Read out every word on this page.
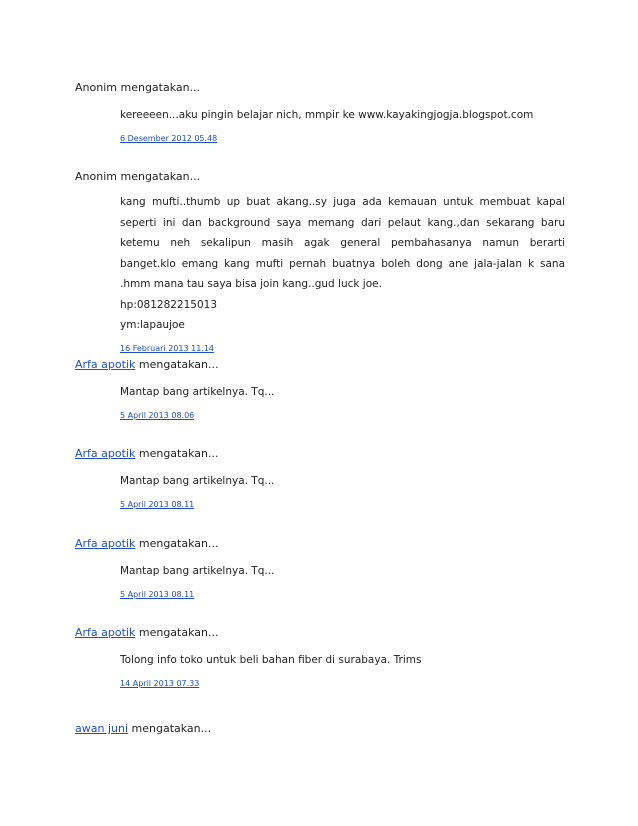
Anonim mengatakan...
kereeeen...aku pingin belajar nich, mmpir ke www.kayakingjogja.blogspot.com
6 Desember 2012 05.48
Anonim mengatakan...
kang mufti..thumb up buat akang..sy juga ada kemauan untuk membuat kapal seperti ini dan background saya memang dari pelaut kang.,dan sekarang baru ketemu neh sekalipun masih agak general pembahasanya namun berarti banget.klo emang kang mufti pernah buatnya boleh dong ane jala-jalan k sana .hmm mana tau saya bisa join kang..gud luck joe.
hp:081282215013
ym:lapaujoe
16 Februari 2013 11.14
Arfa apotik mengatakan...
Mantap bang artikelnya. Tq...
5 April 2013 08.06
Arfa apotik mengatakan...
Mantap bang artikelnya. Tq...
5 April 2013 08.11
Arfa apotik mengatakan...
Mantap bang artikelnya. Tq...
5 April 2013 08.11
Arfa apotik mengatakan...
Tolong info toko untuk beli bahan fiber di surabaya. Trims
14 April 2013 07.33
awan juni mengatakan...
